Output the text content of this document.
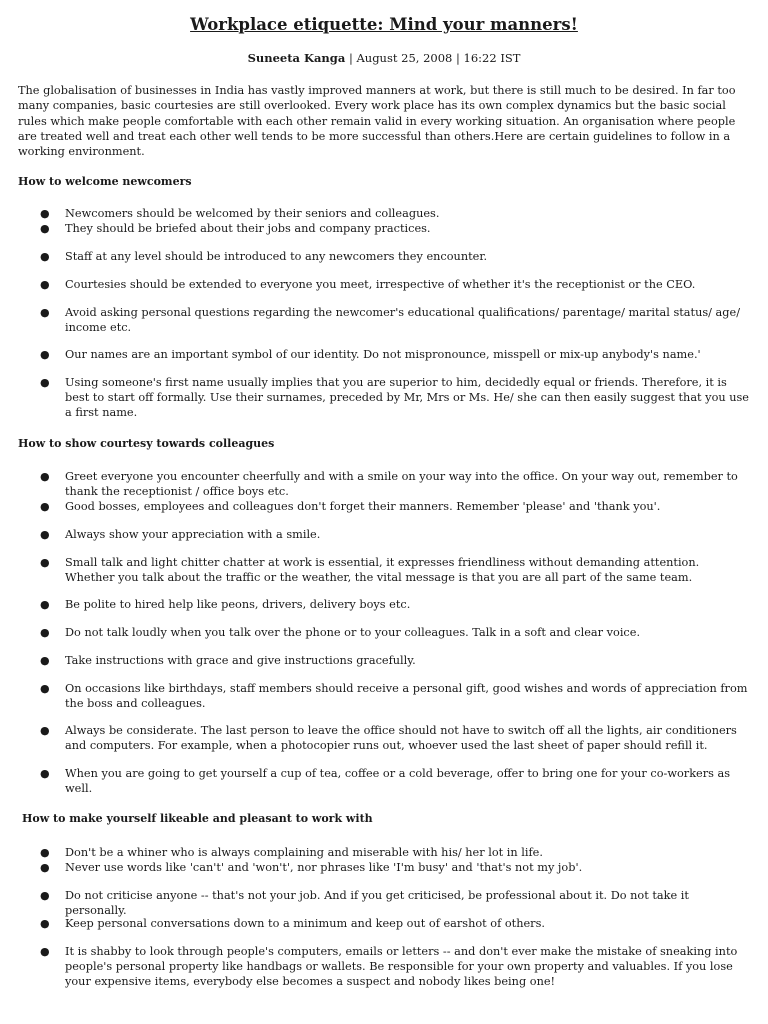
Workplace etiquette: Mind your manners!
Suneeta Kanga | August 25, 2008 | 16:22 IST

The globalisation of businesses in India has vastly improved manners at work, but there is still much to be desired. In far too many companies, basic courtesies are still overlooked. Every work place has its own complex dynamics but the basic social rules which make people comfortable with each other remain valid in every working situation. An organisation where people are treated well and treat each other well tends to be more successful than others.Here are certain guidelines to follow in a working environment.

How to welcome newcomers
● Newcomers should be welcomed by their seniors and colleagues.
● They should be briefed about their jobs and company practices.
● Staff at any level should be introduced to any newcomers they encounter.
● Courtesies should be extended to everyone you meet, irrespective of whether it's the receptionist or the CEO.
● Avoid asking personal questions regarding the newcomer's educational qualifications/ parentage/ marital status/ age/ income etc.
● Our names are an important symbol of our identity. Do not mispronounce, misspell or mix-up anybody's name.'
● Using someone's first name usually implies that you are superior to him, decidedly equal or friends. Therefore, it is best to start off formally. Use their surnames, preceded by Mr, Mrs or Ms. He/ she can then easily suggest that you use a first name.
How to show courtesy towards colleagues
● Greet everyone you encounter cheerfully and with a smile on your way into the office. On your way out, remember to thank the receptionist / office boys etc.
● Good bosses, employees and colleagues don't forget their manners. Remember 'please' and 'thank you'.
● Always show your appreciation with a smile.
● Small talk and light chitter chatter at work is essential, it expresses friendliness without demanding attention. Whether you talk about the traffic or the weather, the vital message is that you are all part of the same team.
● Be polite to hired help like peons, drivers, delivery boys etc.
● Do not talk loudly when you talk over the phone or to your colleagues. Talk in a soft and clear voice.
● Take instructions with grace and give instructions gracefully.
● On occasions like birthdays, staff members should receive a personal gift, good wishes and words of appreciation from the boss and colleagues.
● Always be considerate. The last person to leave the office should not have to switch off all the lights, air conditioners and computers. For example, when a photocopier runs out, whoever used the last sheet of paper should refill it.
● When you are going to get yourself a cup of tea, coffee or a cold beverage, offer to bring one for your co-workers as well.
How to make yourself likeable and pleasant to work with
● Don't be a whiner who is always complaining and miserable with his/ her lot in life.
● Never use words like 'can't' and 'won't', nor phrases like 'I'm busy' and 'that's not my job'.
● Do not criticise anyone -- that's not your job. And if you get criticised, be professional about it. Do not take it personally.
● Keep personal conversations down to a minimum and keep out of earshot of others.
● It is shabby to look through people's computers, emails or letters -- and don't ever make the mistake of sneaking into people's personal property like handbags or wallets. Be responsible for your own property and valuables. If you lose your expensive items, everybody else becomes a suspect and nobody likes being one!
